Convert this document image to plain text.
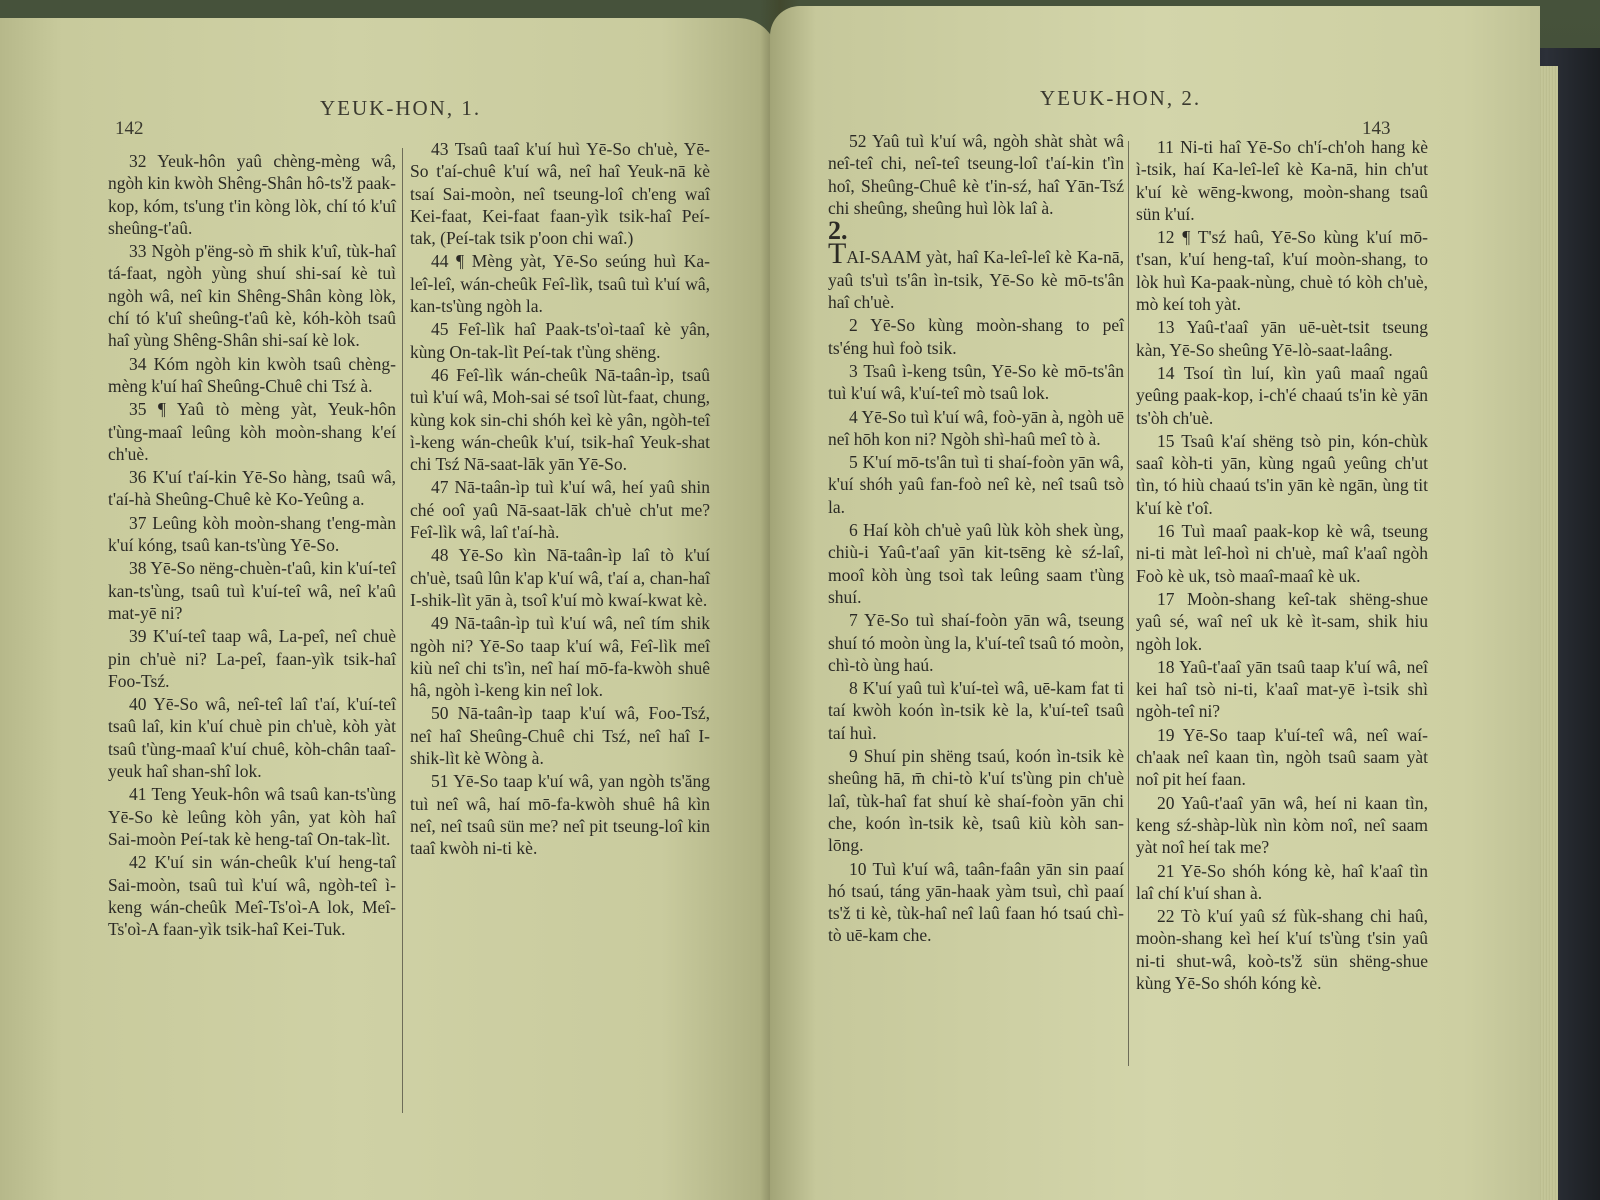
YEUK-HON, 1.
142

32 Yeuk-hôn yaû chèng-mèng wâ, ngòh kin kwòh Shêng-Shân hô-ts'ž paak-kop, kóm, ts'ung t'in kòng lòk, chí tó k'uî sheûng-t'aû.

33 Ngòh p'ëng-sò m̄ shik k'uî, tùk-haî tá-faat, ngòh yùng shuí shi-saí kè tuì ngòh wâ, neî kin Shêng-Shân kòng lòk, chí tó k'uî sheûng-t'aû kè, kóh-kòh tsaû haî yùng Shêng-Shân shi-saí kè lok.

34 Kóm ngòh kin kwòh tsaû chèng-mèng k'uí haî Sheûng-Chuê chi Tsź à.

35 ¶ Yaû tò mèng yàt, Yeuk-hôn t'ùng-maaî leûng kòh moòn-shang k'eí ch'uè.

36 K'uí t'aí-kin Yē-So hàng, tsaû wâ, t'aí-hà Sheûng-Chuê kè Ko-Yeûng a.

37 Leûng kòh moòn-shang t'eng-màn k'uí kóng, tsaû kan-ts'ùng Yē-So.

38 Yē-So nëng-chuèn-t'aû, kin k'uí-teî kan-ts'ùng, tsaû tuì k'uí-teî wâ, neî k'aû mat-yē ni?

39 K'uí-teî taap wâ, La-peî, neî chuè pin ch'uè ni? La-peî, faan-yìk tsik-haî Foo-Tsź.

40 Yē-So wâ, neî-teî laî t'aí, k'uí-teî tsaû laî, kin k'uí chuè pin ch'uè, kòh yàt tsaû t'ùng-maaî k'uí chuê, kòh-chân taaî-yeuk haî shan-shî lok.

41 Teng Yeuk-hôn wâ tsaû kan-ts'ùng Yē-So kè leûng kòh yân, yat kòh haî Sai-moòn Peí-tak kè heng-taî On-tak-lìt.

42 K'uí sin wán-cheûk k'uí heng-taî Sai-moòn, tsaû tuì k'uí wâ, ngòh-teî ì-keng wán-cheûk Meî-Ts'oì-A lok, Meî-Ts'oì-A faan-yìk tsik-haî Kei-Tuk.

43 Tsaû taaî k'uí huì Yē-So ch'uè, Yē-So t'aí-chuê k'uí wâ, neî haî Yeuk-nā kè tsaí Sai-moòn, neî tseung-loî ch'eng waî Kei-faat, Kei-faat faan-yìk tsik-haî Peí-tak, (Peí-tak tsik p'oon chi waî.)

44 ¶ Mèng yàt, Yē-So seúng huì Ka-leî-leî, wán-cheûk Feî-lìk, tsaû tuì k'uí wâ, kan-ts'ùng ngòh la.

45 Feî-lìk haî Paak-ts'oì-taaî kè yân, kùng On-tak-lìt Peí-tak t'ùng shëng.

46 Feî-lìk wán-cheûk Nā-taân-ìp, tsaû tuì k'uí wâ, Moh-sai sé tsoî lùt-faat, chung, kùng kok sin-chi shóh keì kè yân, ngòh-teî ì-keng wán-cheûk k'uí, tsik-haî Yeuk-shat chi Tsź Nā-saat-lāk yān Yē-So.

47 Nā-taân-ìp tuì k'uí wâ, heí yaû shin ché ooî yaû Nā-saat-lāk ch'uè ch'ut me? Feî-lìk wâ, laî t'aí-hà.

48 Yē-So kìn Nā-taân-ìp laî tò k'uí ch'uè, tsaû lûn k'ap k'uí wâ, t'aí a, chan-haî I-shik-lìt yān à, tsoî k'uí mò kwaí-kwat kè.

49 Nā-taân-ìp tuì k'uí wâ, neî tím shik ngòh ni? Yē-So taap k'uí wâ, Feî-lìk meî kiù neî chi ts'ìn, neî haí mō-fa-kwòh shuê hâ, ngòh ì-keng kin neî lok.

50 Nā-taân-ìp taap k'uí wâ, Foo-Tsź, neî haî Sheûng-Chuê chi Tsź, neî haî I-shik-lìt kè Wòng à.

51 Yē-So taap k'uí wâ, yan ngòh ts'ăng tuì neî wâ, haí mō-fa-kwòh shuê hâ kìn neî, neî tsaû sün me? neî pit tseung-loî kin taaî kwòh ni-ti kè.

YEUK-HON, 2.
143

52 Yaû tuì k'uí wâ, ngòh shàt shàt wâ neî-teî chi, neî-teî tseung-loî t'aí-kin t'ìn hoî, Sheûng-Chuê kè t'in-sź, haî Yān-Tsź chi sheûng, sheûng huì lòk laî à.

2.

TAI-SAAM yàt, haî Ka-leî-leî kè Ka-nā, yaû ts'uì ts'ân ìn-tsik, Yē-So kè mō-ts'ân haî ch'uè.

2 Yē-So kùng moòn-shang to peî ts'éng huì foò tsik.

3 Tsaû ì-keng tsûn, Yē-So kè mō-ts'ân tuì k'uí wâ, k'uí-teî mò tsaû lok.

4 Yē-So tuì k'uí wâ, foò-yān à, ngòh uē neî hōh kon ni? Ngòh shì-haû meî tò à.

5 K'uí mō-ts'ân tuì ti shaí-foòn yān wâ, k'uí shóh yaû fan-foò neî kè, neî tsaû tsò la.

6 Haí kòh ch'uè yaû lùk kòh shek ùng, chiù-i Yaû-t'aaî yān kit-tsēng kè sź-laî, mooî kòh ùng tsoì tak leûng saam t'ùng shuí.

7 Yē-So tuì shaí-foòn yān wâ, tseung shuí tó moòn ùng la, k'uí-teî tsaû tó moòn, chì-tò ùng haú.

8 K'uí yaû tuì k'uí-teì wâ, uē-kam fat ti taí kwòh koón ìn-tsik kè la, k'uí-teî tsaû taí huì.

9 Shuí pin shëng tsaú, koón ìn-tsik kè sheûng hā, m̄ chi-tò k'uí ts'ùng pin ch'uè laî, tùk-haî fat shuí kè shaí-foòn yān chi che, koón ìn-tsik kè, tsaû kiù kòh san-lōng.

10 Tuì k'uí wâ, taân-faân yān sin paaí hó tsaú, táng yān-haak yàm tsuì, chì paaí ts'ž ti kè, tùk-haî neî laû faan hó tsaú chì-tò uē-kam che.

11 Ni-ti haî Yē-So ch'í-ch'oh hang kè ì-tsik, haí Ka-leî-leî kè Ka-nā, hin ch'ut k'uí kè wēng-kwong, moòn-shang tsaû sün k'uí.

12 ¶ T'sź haû, Yē-So kùng k'uí mō-t'san, k'uí heng-taî, k'uí moòn-shang, to lòk huì Ka-paak-nùng, chuè tó kòh ch'uè, mò keí toh yàt.

13 Yaû-t'aaî yān uē-uèt-tsit tseung kàn, Yē-So sheûng Yē-lò-saat-laâng.

14 Tsoí tìn luí, kìn yaû maaî ngaû yeûng paak-kop, i-ch'é chaaú ts'in kè yān ts'òh ch'uè.

15 Tsaû k'aí shëng tsò pin, kón-chùk saaî kòh-ti yān, kùng ngaû yeûng ch'ut tìn, tó hiù chaaú ts'in yān kè ngān, ùng tit k'uí kè t'oî.

16 Tuì maaî paak-kop kè wâ, tseung ni-ti màt leî-hoì ni ch'uè, maî k'aaî ngòh Foò kè uk, tsò maaî-maaî kè uk.

17 Moòn-shang keî-tak shëng-shue yaû sé, waî neî uk kè ìt-sam, shik hiu ngòh lok.

18 Yaû-t'aaî yān tsaû taap k'uí wâ, neî kei haî tsò ni-ti, k'aaî mat-yē ì-tsik shì ngòh-teî ni?

19 Yē-So taap k'uí-teî wâ, neî waí-ch'aak neî kaan tìn, ngòh tsaû saam yàt noî pit heí faan.

20 Yaû-t'aaî yān wâ, heí ni kaan tìn, keng sź-shàp-lùk nìn kòm noî, neî saam yàt noî heí tak me?

21 Yē-So shóh kóng kè, haî k'aaî tìn laî chí k'uí shan à.

22 Tò k'uí yaû sź fùk-shang chi haû, moòn-shang keì heí k'uí ts'ùng t'sin yaû ni-ti shut-wâ, koò-ts'ž sün shëng-shue kùng Yē-So shóh kóng kè.
